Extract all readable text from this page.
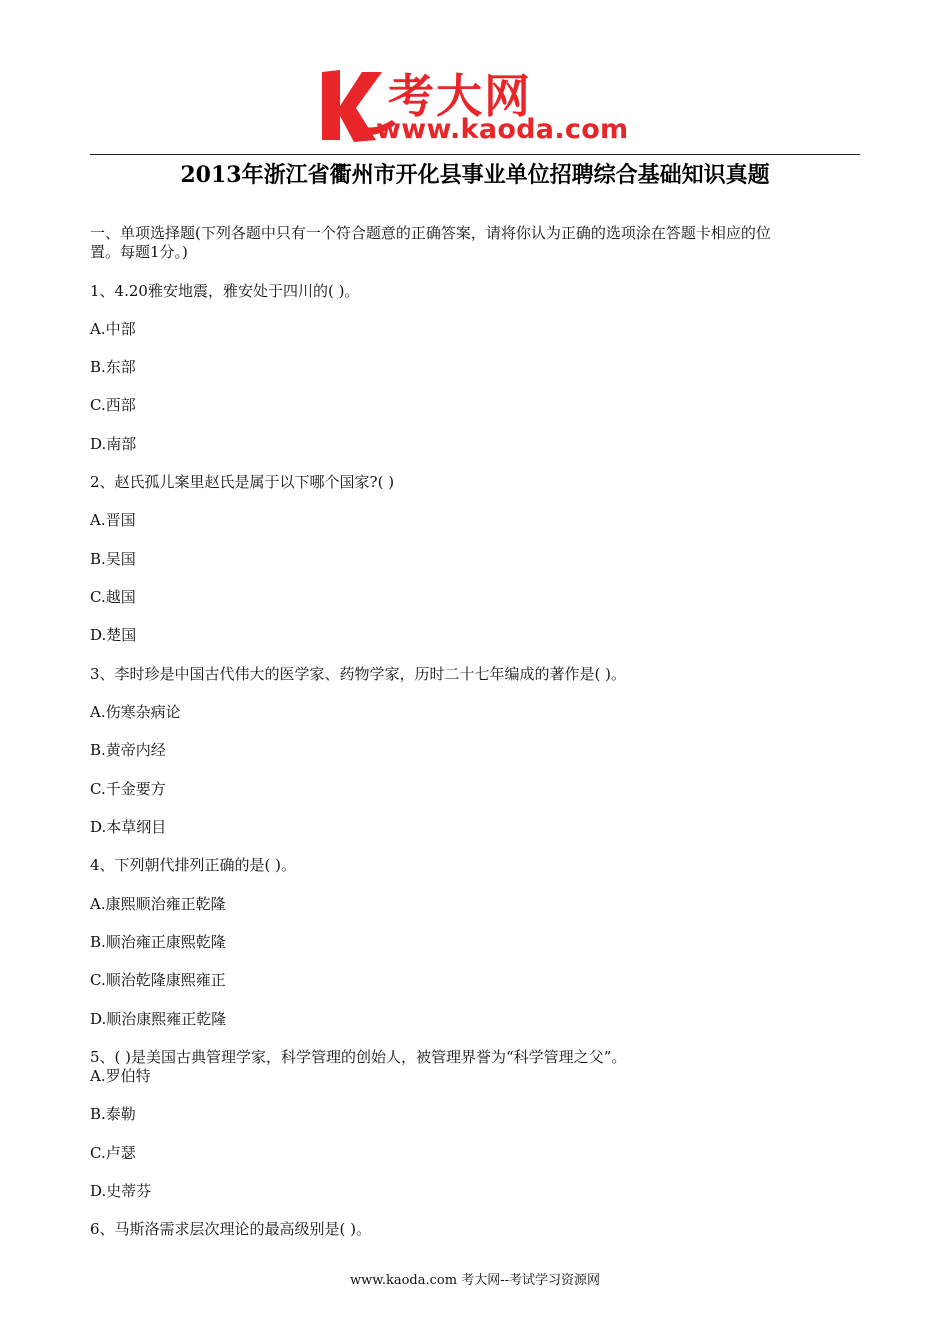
考大网
www.kaoda.com
2013年浙江省衢州市开化县事业单位招聘综合基础知识真题
一、单项选择题(下列各题中只有一个符合题意的正确答案，请将你认为正确的选项涂在答题卡相应的位
置。每题1分。)
1、4.20雅安地震，雅安处于四川的( )。
A.中部
B.东部
C.西部
D.南部
2、赵氏孤儿案里赵氏是属于以下哪个国家?( )
A.晋国
B.吴国
C.越国
D.楚国
3、李时珍是中国古代伟大的医学家、药物学家，历时二十七年编成的著作是( )。
A.伤寒杂病论
B.黄帝内经
C.千金要方
D.本草纲目
4、下列朝代排列正确的是( )。
A.康熙顺治雍正乾隆
B.顺治雍正康熙乾隆
C.顺治乾隆康熙雍正
D.顺治康熙雍正乾隆
5、( )是美国古典管理学家，科学管理的创始人，被管理界誉为“科学管理之父”。
A.罗伯特
B.泰勒
C.卢瑟
D.史蒂芬
6、马斯洛需求层次理论的最高级别是( )。
www.kaoda.com 考大网--考试学习资源网
